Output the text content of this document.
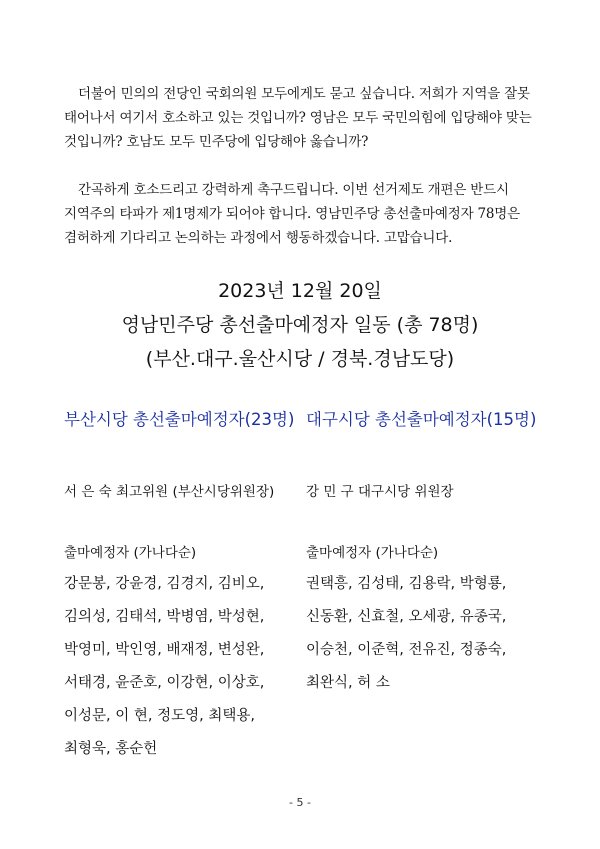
더불어 민의의 전당인 국회의원 모두에게도 묻고 싶습니다. 저희가 지역을 잘못 태어나서 여기서 호소하고 있는 것입니까? 영남은 모두 국민의힘에 입당해야 맞는 것입니까? 호남도 모두 민주당에 입당해야 옳습니까?

간곡하게 호소드리고 강력하게 촉구드립니다. 이번 선거제도 개편은 반드시 지역주의 타파가 제1명제가 되어야 합니다. 영남민주당 총선출마예정자 78명은 겸허하게 기다리고 논의하는 과정에서 행동하겠습니다. 고맙습니다.

2023년 12월 20일

영남민주당 총선출마예정자 일동 (총 78명)

(부산.대구.울산시당 / 경북.경남도당)

부산시당 총선출마예정자(23명) 대구시당 총선출마예정자(15명)

서 은 숙 최고위원 (부산시당위원장) 강 민 구 대구시당 위원장
출마예정자 (가나다순)	출마예정자 (가나다순)
강문봉, 강윤경, 김경지, 김비오,
김의성, 김태석, 박병염, 박성현,
박영미, 박인영, 배재정, 변성완,
서태경, 윤준호, 이강현, 이상호,
이성문, 이 현, 정도영, 최택용,
최형욱, 홍순헌
권택흥, 김성태, 김용락, 박형룡,
신동환, 신효철, 오세광, 유종국,
이승천, 이준혁, 전유진, 정종숙,
최완식, 허 소
- 5 -
